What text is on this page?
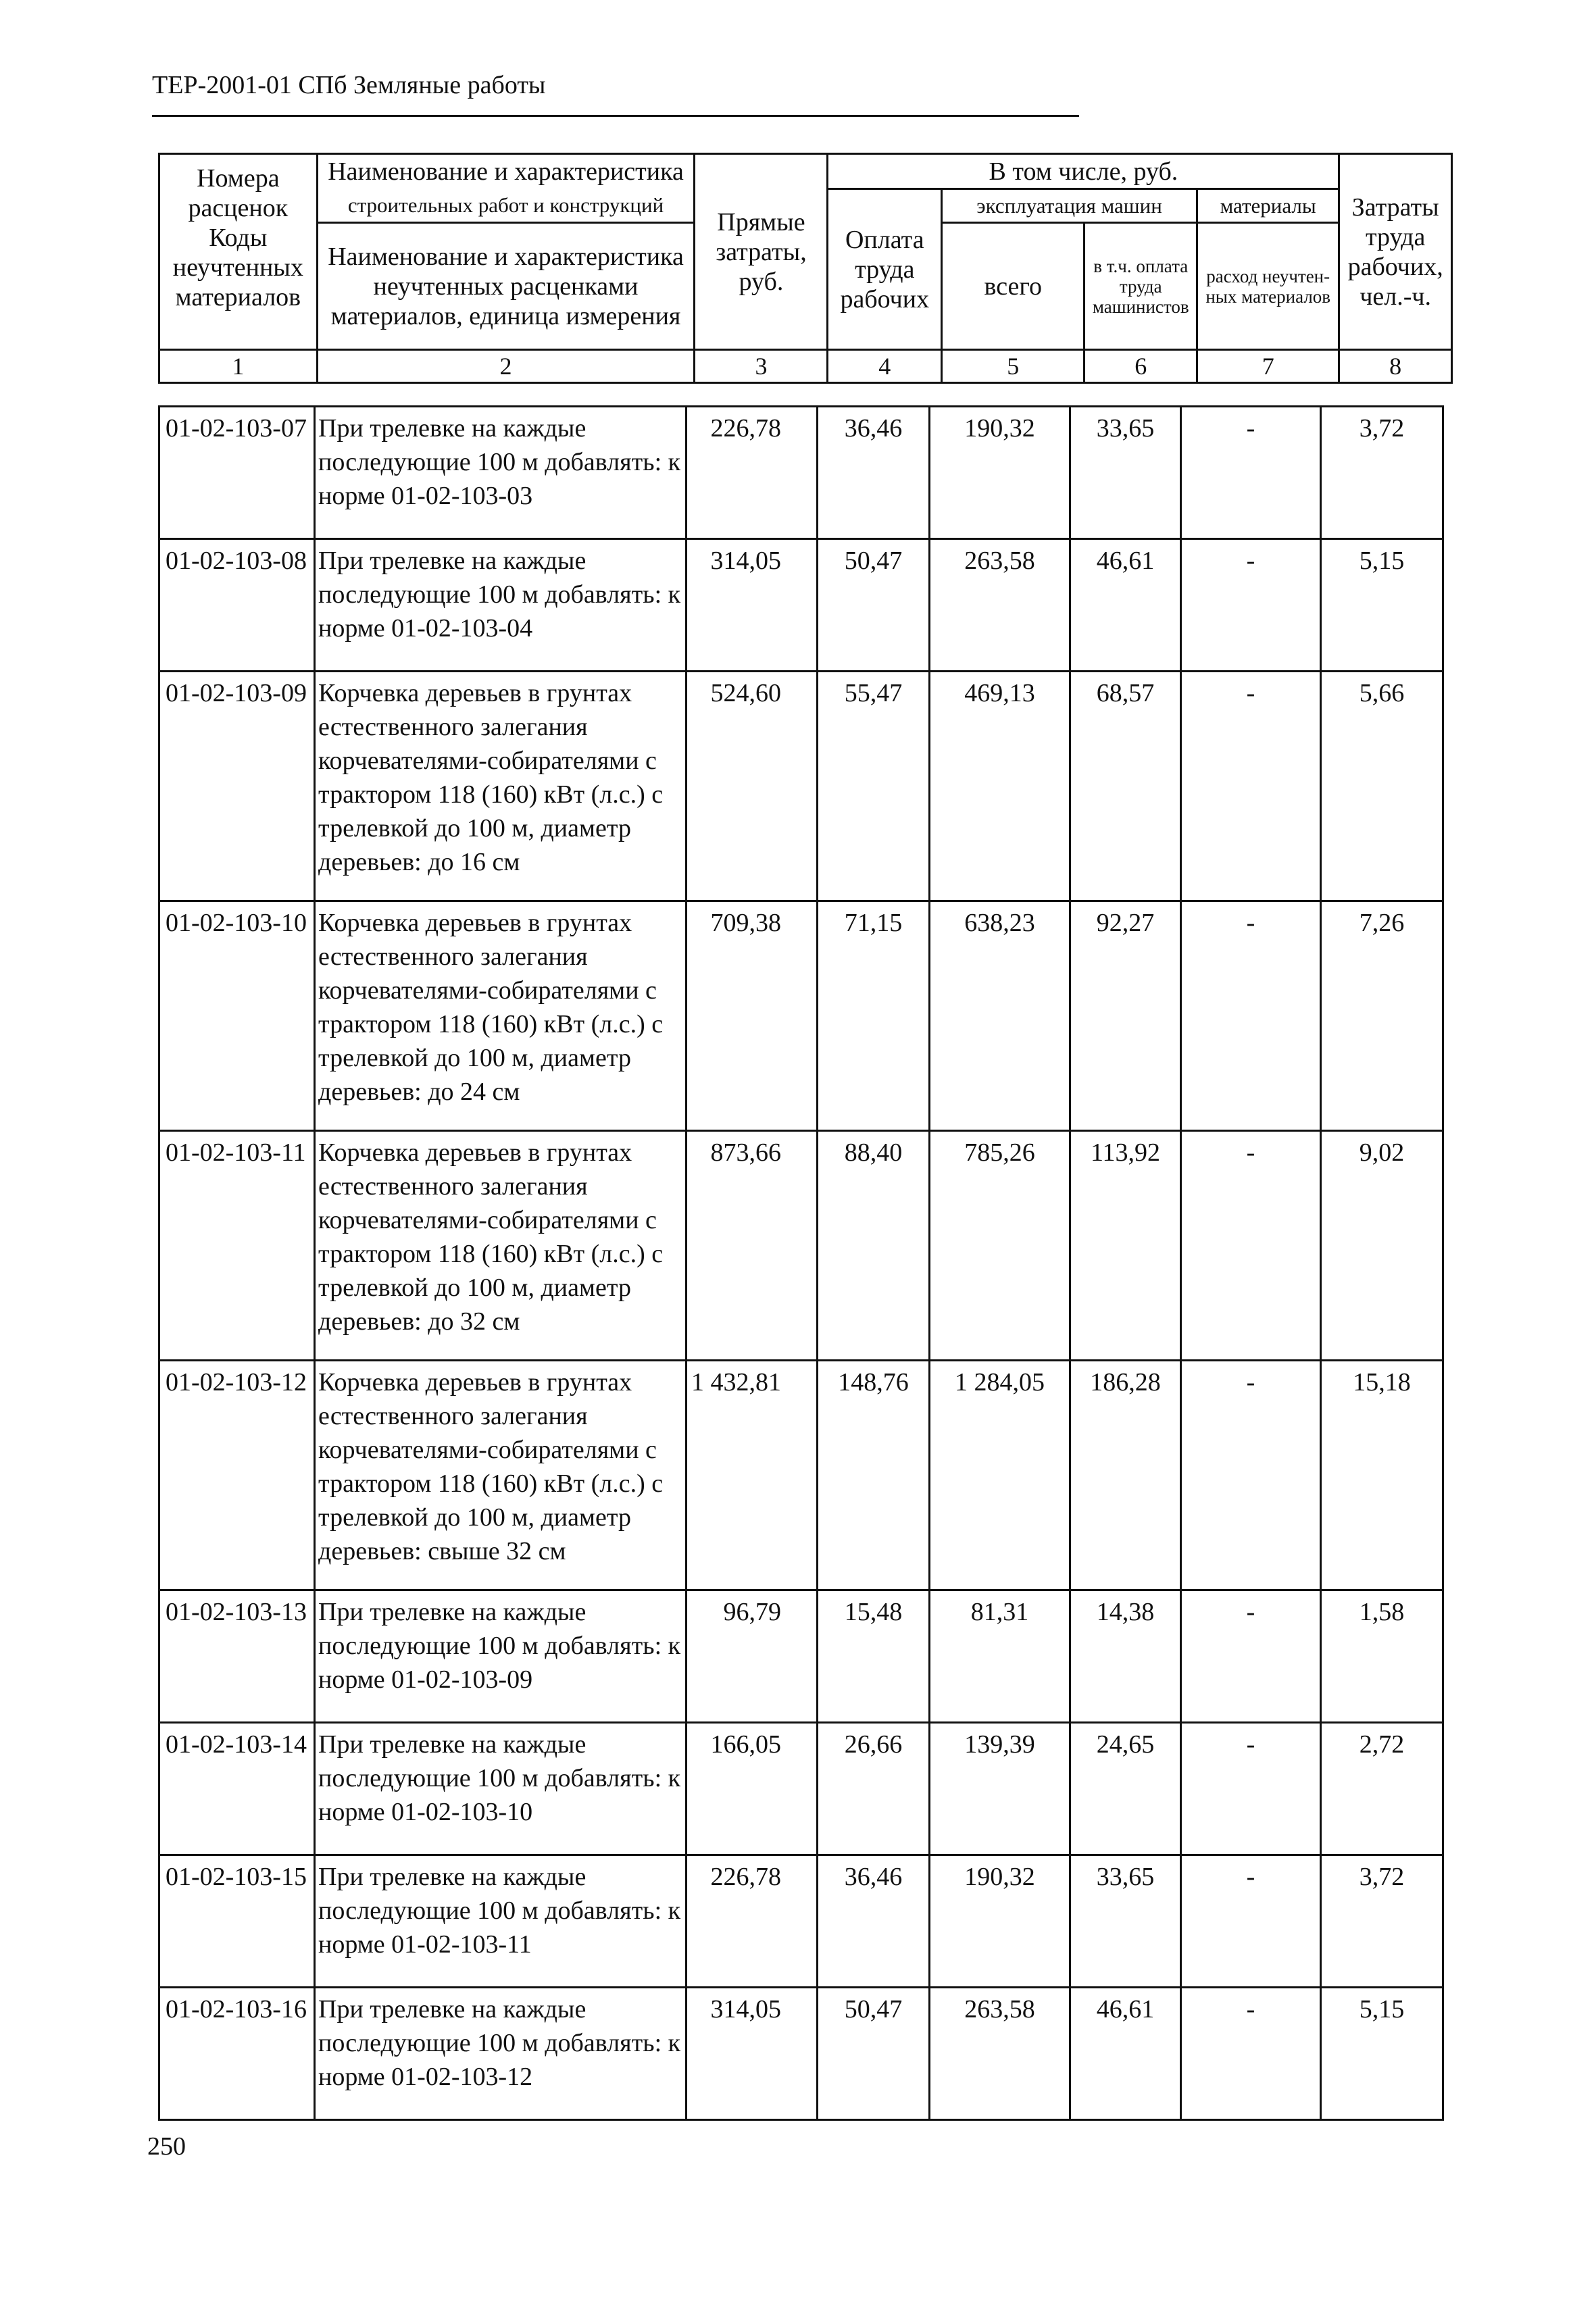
ТЕР-2001-01 СПб Земляные работы
Номера расценок	Наименование и характеристика	Прямые затраты, руб.	В том числе, руб.				Затраты труда рабочих, чел.-ч.
	строительных работ и конструкций		Оплата труда рабочих	эксплуатация машин		материалы	
Коды неучтенных материалов	Наименование и характеристика неучтенных расценками материалов, единица измерения			всего	в т.ч. оплата труда машинистов	расход неучтен-ных материалов	

1	2	3	4	5	6	7	8
01-02-103-07	При трелевке на каждые последующие 100 м добавлять: к норме 01-02-103-03	226,78	36,46	190,32	33,65	-	3,72
01-02-103-08	При трелевке на каждые последующие 100 м добавлять: к норме 01-02-103-04	314,05	50,47	263,58	46,61	-	5,15
01-02-103-09	Корчевка деревьев в грунтах естественного залегания корчевателями-собирателями с трактором 118 (160) кВт (л.с.) с трелевкой до 100 м, диаметр деревьев: до 16 см	524,60	55,47	469,13	68,57	-	5,66
01-02-103-10	Корчевка деревьев в грунтах естественного залегания корчевателями-собирателями с трактором 118 (160) кВт (л.с.) с трелевкой до 100 м, диаметр деревьев: до 24 см	709,38	71,15	638,23	92,27	-	7,26
01-02-103-11	Корчевка деревьев в грунтах естественного залегания корчевателями-собирателями с трактором 118 (160) кВт (л.с.) с трелевкой до 100 м, диаметр деревьев: до 32 см	873,66	88,40	785,26	113,92	-	9,02
01-02-103-12	Корчевка деревьев в грунтах естественного залегания корчевателями-собирателями с трактором 118 (160) кВт (л.с.) с трелевкой до 100 м, диаметр деревьев: свыше 32 см	1 432,81	148,76	1 284,05	186,28	-	15,18
01-02-103-13	При трелевке на каждые последующие 100 м добавлять: к норме 01-02-103-09	96,79	15,48	81,31	14,38	-	1,58
01-02-103-14	При трелевке на каждые последующие 100 м добавлять: к норме 01-02-103-10	166,05	26,66	139,39	24,65	-	2,72
01-02-103-15	При трелевке на каждые последующие 100 м добавлять: к норме 01-02-103-11	226,78	36,46	190,32	33,65	-	3,72
01-02-103-16	При трелевке на каждые последующие 100 м добавлять: к норме 01-02-103-12	314,05	50,47	263,58	46,61	-	5,15
250
